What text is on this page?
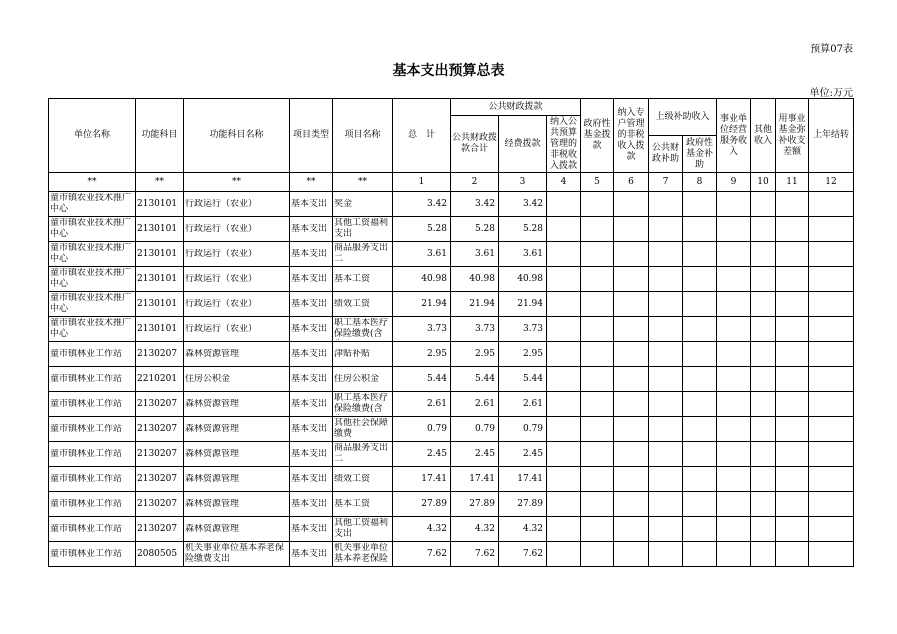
预算07表
基本支出预算总表
单位:万元
单位名称	功能科目	功能科目名称	项目类型	项目名称	总　计	公共财政拨款			政府性基金拨款	纳入专户管理的非税收入拨款	上级补助收入		事业单位经营服务收入	其他收入	用事业基金弥补收支差额	上年结转
						公共财政拨款合计	经费拨款	纳入公共预算管理的非税收入拨款								
											公共财政补助	政府性基金补助				
**	**	**	**	**	1	2	3	4	5	6	7	8	9	10	11	12

童市镇农业技术推广中心	2130101	行政运行（农业）	基本支出	奖金	3.42	3.42	3.42									

童市镇农业技术推广中心	2130101	行政运行（农业）	基本支出	其他工资福利支出	5.28	5.28	5.28									

童市镇农业技术推广中心	2130101	行政运行（农业）	基本支出	商品服务支出二	3.61	3.61	3.61									

童市镇农业技术推广中心	2130101	行政运行（农业）	基本支出	基本工资	40.98	40.98	40.98									

童市镇农业技术推广中心	2130101	行政运行（农业）	基本支出	绩效工资	21.94	21.94	21.94									

童市镇农业技术推广中心	2130101	行政运行（农业）	基本支出	职工基本医疗保险缴费(含	3.73	3.73	3.73									

童市镇林业工作站	2130207	森林资源管理	基本支出	津贴补贴	2.95	2.95	2.95									

童市镇林业工作站	2210201	住房公积金	基本支出	住房公积金	5.44	5.44	5.44									

童市镇林业工作站	2130207	森林资源管理	基本支出	职工基本医疗保险缴费(含	2.61	2.61	2.61									

童市镇林业工作站	2130207	森林资源管理	基本支出	其他社会保障缴费	0.79	0.79	0.79									

童市镇林业工作站	2130207	森林资源管理	基本支出	商品服务支出二	2.45	2.45	2.45									

童市镇林业工作站	2130207	森林资源管理	基本支出	绩效工资	17.41	17.41	17.41									

童市镇林业工作站	2130207	森林资源管理	基本支出	基本工资	27.89	27.89	27.89									

童市镇林业工作站	2130207	森林资源管理	基本支出	其他工资福利支出	4.32	4.32	4.32									

童市镇林业工作站	2080505	机关事业单位基本养老保险缴费支出	基本支出	机关事业单位基本养老保险	7.62	7.62	7.62									
